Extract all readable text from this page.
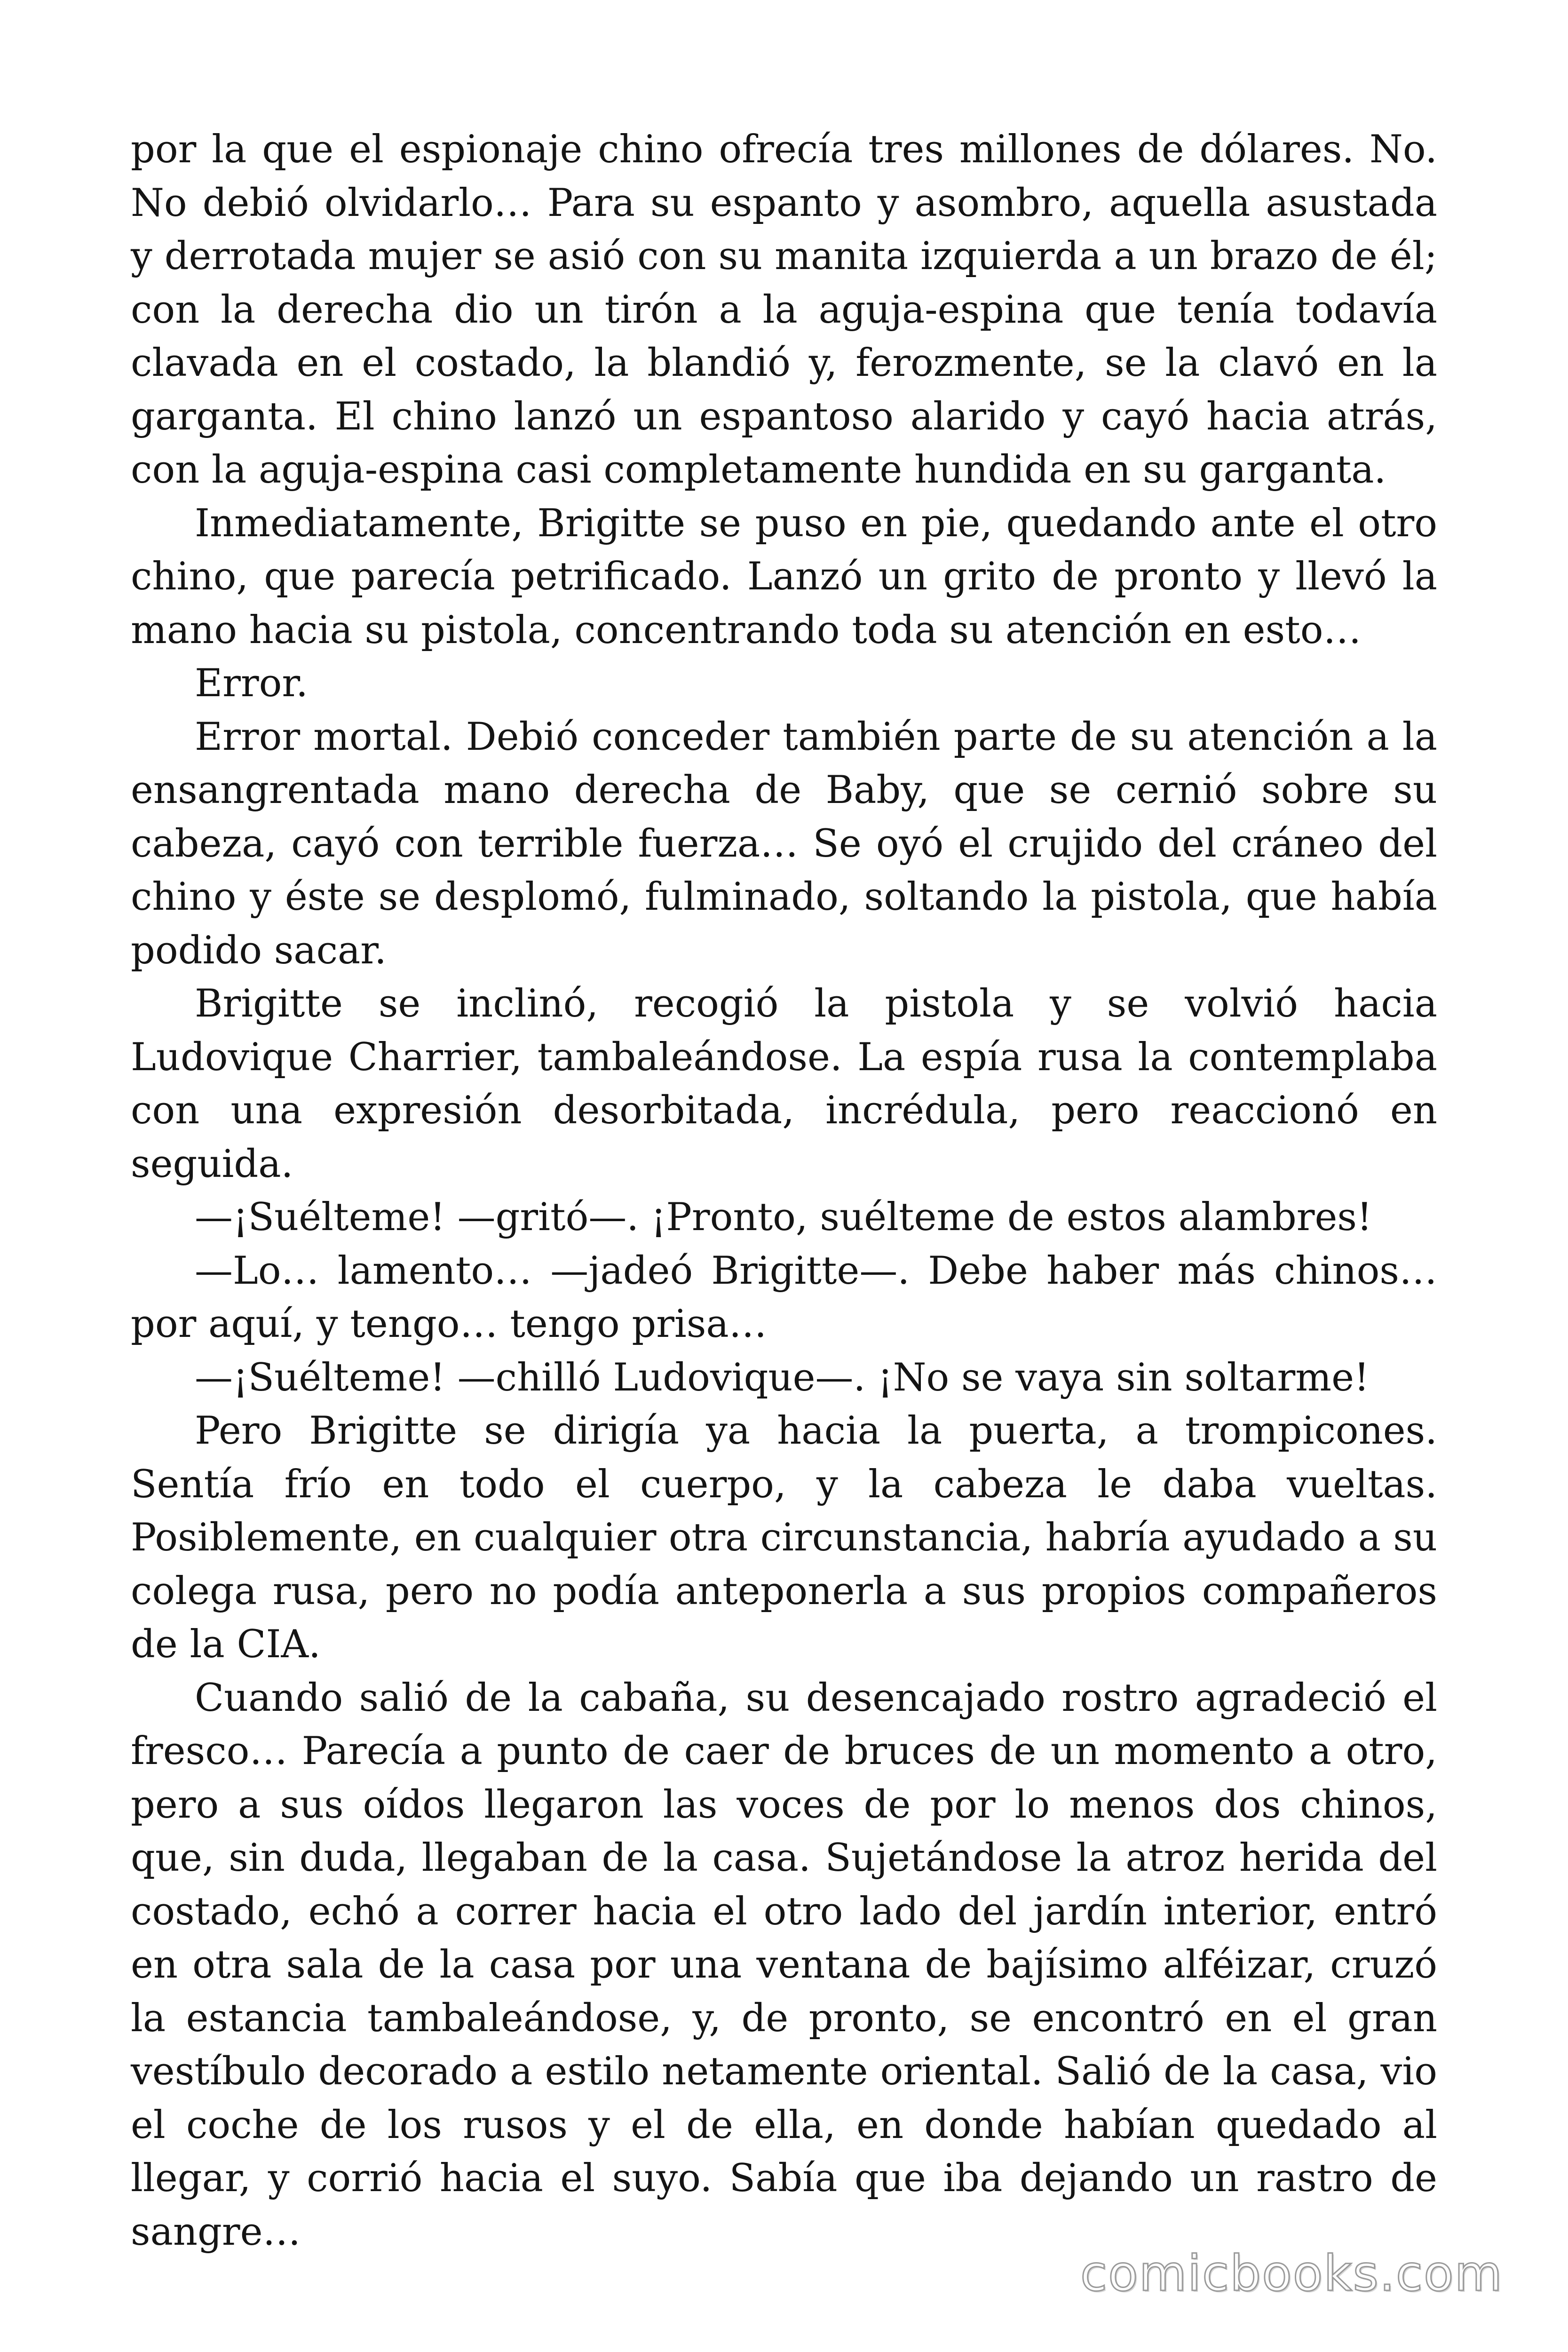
por la que el espionaje chino ofrecía tres millones de dólares. No. No debió olvidarlo… Para su espanto y asombro, aquella asustada y derrotada mujer se asió con su manita izquierda a un brazo de él; con la derecha dio un tirón a la aguja-espina que tenía todavía clavada en el costado, la blandió y, ferozmente, se la clavó en la garganta. El chino lanzó un espantoso alarido y cayó hacia atrás, con la aguja-espina casi completamente hundida en su garganta.

Inmediatamente, Brigitte se puso en pie, quedando ante el otro chino, que parecía petrificado. Lanzó un grito de pronto y llevó la mano hacia su pistola, concentrando toda su atención en esto…

Error.

Error mortal. Debió conceder también parte de su atención a la ensangrentada mano derecha de Baby, que se cernió sobre su cabeza, cayó con terrible fuerza… Se oyó el crujido del cráneo del chino y éste se desplomó, fulminado, soltando la pistola, que había podido sacar.

Brigitte se inclinó, recogió la pistola y se volvió hacia Ludovique Charrier, tambaleándose. La espía rusa la contemplaba con una expresión desorbitada, incrédula, pero reaccionó en seguida.

—¡Suélteme! —gritó—. ¡Pronto, suélteme de estos alambres!

—Lo… lamento… —jadeó Brigitte—. Debe haber más chinos… por aquí, y tengo… tengo prisa…

—¡Suélteme! —chilló Ludovique—. ¡No se vaya sin soltarme!

Pero Brigitte se dirigía ya hacia la puerta, a trompicones. Sentía frío en todo el cuerpo, y la cabeza le daba vueltas. Posiblemente, en cualquier otra circunstancia, habría ayudado a su colega rusa, pero no podía anteponerla a sus propios compañeros de la CIA.

Cuando salió de la cabaña, su desencajado rostro agradeció el fresco… Parecía a punto de caer de bruces de un momento a otro, pero a sus oídos llegaron las voces de por lo menos dos chinos, que, sin duda, llegaban de la casa. Sujetándose la atroz herida del costado, echó a correr hacia el otro lado del jardín interior, entró en otra sala de la casa por una ventana de bajísimo alféizar, cruzó la estancia tambaleándose, y, de pronto, se encontró en el gran vestíbulo decorado a estilo netamente oriental. Salió de la casa, vio el coche de los rusos y el de ella, en donde habían quedado al llegar, y corrió hacia el suyo. Sabía que iba dejando un rastro de sangre…

comicbooks.com
